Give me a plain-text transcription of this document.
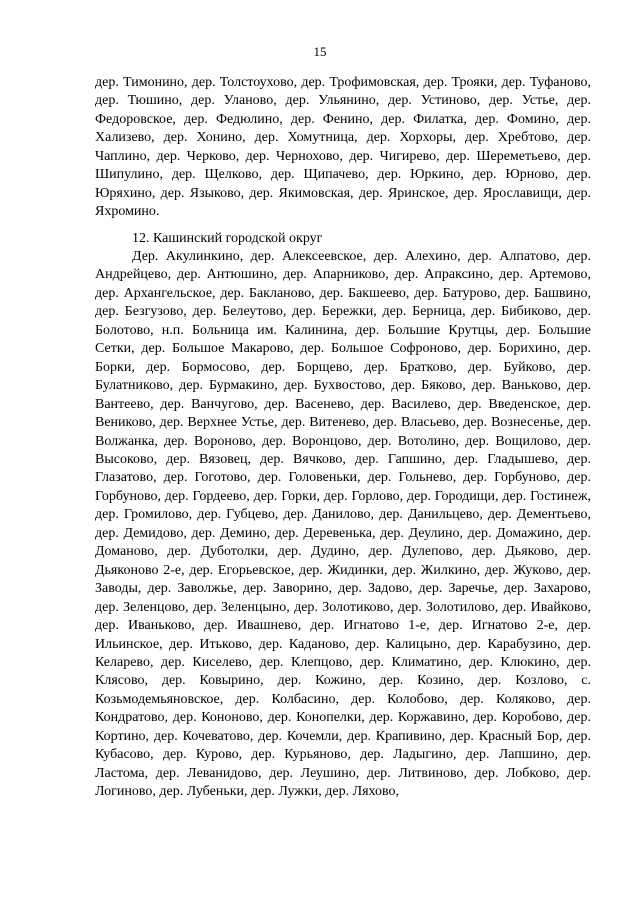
15
дер. Тимонино, дер. Толстоухово, дер. Трофимовская, дер. Трояки, дер. Туфаново, дер. Тюшино, дер. Уланово, дер. Ульянино, дер. Устиново, дер. Устье, дер. Федоровское, дер. Федюлино, дер. Фенино, дер. Филатка, дер. Фомино, дер. Хализево, дер. Хонино, дер. Хомутница, дер. Хорхоры, дер. Хребтово, дер. Чаплино, дер. Черково, дер. Чернохово, дер. Чигирево, дер. Шереметьево, дер. Шипулино, дер. Щелково, дер. Щипачево, дер. Юркино, дер. Юрново, дер. Юряхино, дер. Языково, дер. Якимовская, дер. Яринское, дер. Ярославищи, дер. Яхромино.
12. Кашинский городской округ
Дер. Акулинкино, дер. Алексеевское, дер. Алехино, дер. Алпатово, дер. Андрейцево, дер. Антюшино, дер. Апарниково, дер. Апраксино, дер. Артемово, дер. Архангельское, дер. Бакланово, дер. Бакшеево, дер. Батурово, дер. Башвино, дер. Безгузово, дер. Белеутово, дер. Бережки, дер. Берница, дер. Бибиково, дер. Болотово, н.п. Больница им. Калинина, дер. Большие Крутцы, дер. Большие Сетки, дер. Большое Макарово, дер. Большое Софроново, дер. Борихино, дер. Борки, дер. Бормосово, дер. Борщево, дер. Братково, дер. Буйково, дер. Булатниково, дер. Бурмакино, дер. Бухвостово, дер. Бяково, дер. Ваньково, дер. Вантеево, дер. Ванчугово, дер. Васенево, дер. Василево, дер. Введенское, дер. Вениково, дер. Верхнее Устье, дер. Витенево, дер. Власьево, дер. Вознесенье, дер. Волжанка, дер. Вороново, дер. Воронцово, дер. Вотолино, дер. Вощилово, дер. Высоково, дер. Вязовец, дер. Вячково, дер. Гапшино, дер. Гладышево, дер. Глазатово, дер. Гоготово, дер. Головеньки, дер. Гольнево, дер. Горбуново, дер. Горбуново, дер. Гордеево, дер. Горки, дер. Горлово, дер. Городищи, дер. Гостинеж, дер. Громилово, дер. Губцево, дер. Данилово, дер. Данильцево, дер. Дементьево, дер. Демидово, дер. Демино, дер. Деревенька, дер. Деулино, дер. Домажино, дер. Доманово, дер. Дуботолки, дер. Дудино, дер. Дулепово, дер. Дьяково, дер. Дьяконово 2-е, дер. Егорьевское, дер. Жидинки, дер. Жилкино, дер. Жуково, дер. Заводы, дер. Заволжье, дер. Заворино, дер. Задово, дер. Заречье, дер. Захарово, дер. Зеленцово, дер. Зеленцыно, дер. Золотиково, дер. Золотилово, дер. Ивайково, дер. Иваньково, дер. Ивашнево, дер. Игнатово 1-е, дер. Игнатово 2-е, дер. Ильинское, дер. Итьково, дер. Каданово, дер. Калицыно, дер. Карабузино, дер. Келарево, дер. Киселево, дер. Клепцово, дер. Климатино, дер. Клюкино, дер. Клясово, дер. Ковырино, дер. Кожино, дер. Козино, дер. Козлово, с. Козьмодемьяновское, дер. Колбасино, дер. Колобово, дер. Коляково, дер. Кондратово, дер. Кононово, дер. Конопелки, дер. Коржавино, дер. Коробово, дер. Кортино, дер. Кочеватово, дер. Кочемли, дер. Крапивино, дер. Красный Бор, дер. Кубасово, дер. Курово, дер. Курьяново, дер. Ладыгино, дер. Лапшино, дер. Ластома, дер. Леванидово, дер. Леушино, дер. Литвиново, дер. Лобково, дер. Логиново, дер. Лубеньки, дер. Лужки, дер. Ляхово,
